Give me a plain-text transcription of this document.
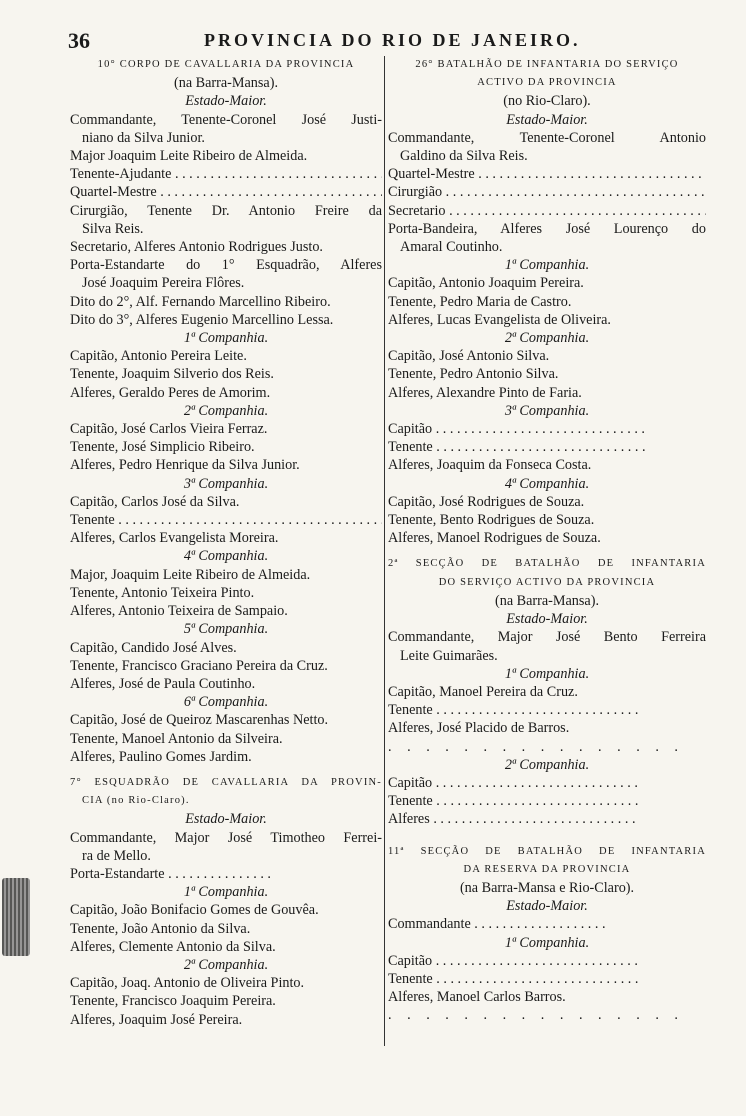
36	PROVINCIA DO RIO DE JANEIRO.
10° CORPO DE CAVALLARIA DA PROVINCIA
(na Barra-Mansa).
Estado-Maior.
Commandante, Tenente-Coronel José Justi-
niano da Silva Junior.
Major Joaquim Leite Ribeiro de Almeida.
Tenente-Ajudante . . .
Quartel-Mestre . . .
Cirurgião, Tenente Dr. Antonio Freire da
Silva Reis.
Secretario, Alferes Antonio Rodrigues Justo.
Porta-Estandarte do 1° Esquadrão, Alferes
José Joaquim Pereira Flôres.
Dito do 2°, Alf. Fernando Marcellino Ribeiro.
Dito do 3°, Alferes Eugenio Marcellino Lessa.
1ª Companhia.
Capitão, Antonio Pereira Leite.
Tenente, Joaquim Silverio dos Reis.
Alferes, Geraldo Peres de Amorim.
2ª Companhia.
Capitão, José Carlos Vieira Ferraz.
Tenente, José Simplicio Ribeiro.
Alferes, Pedro Henrique da Silva Junior.
3ª Companhia.
Capitão, Carlos José da Silva.
Tenente . . .
Alferes, Carlos Evangelista Moreira.
4ª Companhia.
Major, Joaquim Leite Ribeiro de Almeida.
Tenente, Antonio Teixeira Pinto.
Alferes, Antonio Teixeira de Sampaio.
5ª Companhia.
Capitão, Candido José Alves.
Tenente, Francisco Graciano Pereira da Cruz.
Alferes, José de Paula Coutinho.
6ª Companhia.
Capitão, José de Queiroz Mascarenhas Netto.
Tenente, Manoel Antonio da Silveira.
Alferes, Paulino Gomes Jardim.
7° ESQUADRÃO DE CAVALLARIA DA PROVIN-
CIA (no Rio-Claro).
Estado-Maior.
Commandante, Major José Timotheo Ferrei-
ra de Mello.
Porta-Estandarte . . .
1ª Companhia.
Capitão, João Bonifacio Gomes de Gouvêa.
Tenente, João Antonio da Silva.
Alferes, Clemente Antonio da Silva.
2ª Companhia.
Capitão, Joaq. Antonio de Oliveira Pinto.
Tenente, Francisco Joaquim Pereira.
Alferes, Joaquim José Pereira.
26° BATALHÃO DE INFANTARIA DO SERVIÇO
ACTIVO DA PROVINCIA
(no Rio-Claro).
Estado-Maior.
Commandante, Tenente-Coronel Antonio
Galdino da Silva Reis.
Quartel-Mestre . . .
Cirurgião . . .
Secretario . . .
Porta-Bandeira, Alferes José Lourenço do
Amaral Coutinho.
1ª Companhia.
Capitão, Antonio Joaquim Pereira.
Tenente, Pedro Maria de Castro.
Alferes, Lucas Evangelista de Oliveira.
2ª Companhia.
Capitão, José Antonio Silva.
Tenente, Pedro Antonio Silva.
Alferes, Alexandre Pinto de Faria.
3ª Companhia.
Capitão . . .
Tenente . . .
Alferes, Joaquim da Fonseca Costa.
4ª Companhia.
Capitão, José Rodrigues de Souza.
Tenente, Bento Rodrigues de Souza.
Alferes, Manoel Rodrigues de Souza.
2ª SECÇÃO DE BATALHÃO DE INFANTARIA
DO SERVIÇO ACTIVO DA PROVINCIA
(na Barra-Mansa).
Estado-Maior.
Commandante, Major José Bento Ferreira
Leite Guimarães.
1ª Companhia.
Capitão, Manoel Pereira da Cruz.
Tenente . . .
Alferes, José Placido de Barros.
. . . . . . . . . . . . . . . .
2ª Companhia.
Capitão . . .
Tenente . . .
Alferes . . .
11ª SECÇÃO DE BATALHÃO DE INFANTARIA
DA RESERVA DA PROVINCIA
(na Barra-Mansa e Rio-Claro).
Estado-Maior.
Commandante . . .
1ª Companhia.
Capitão . . .
Tenente . . .
Alferes, Manoel Carlos Barros.
. . . . . . . . . . . . . . . .
